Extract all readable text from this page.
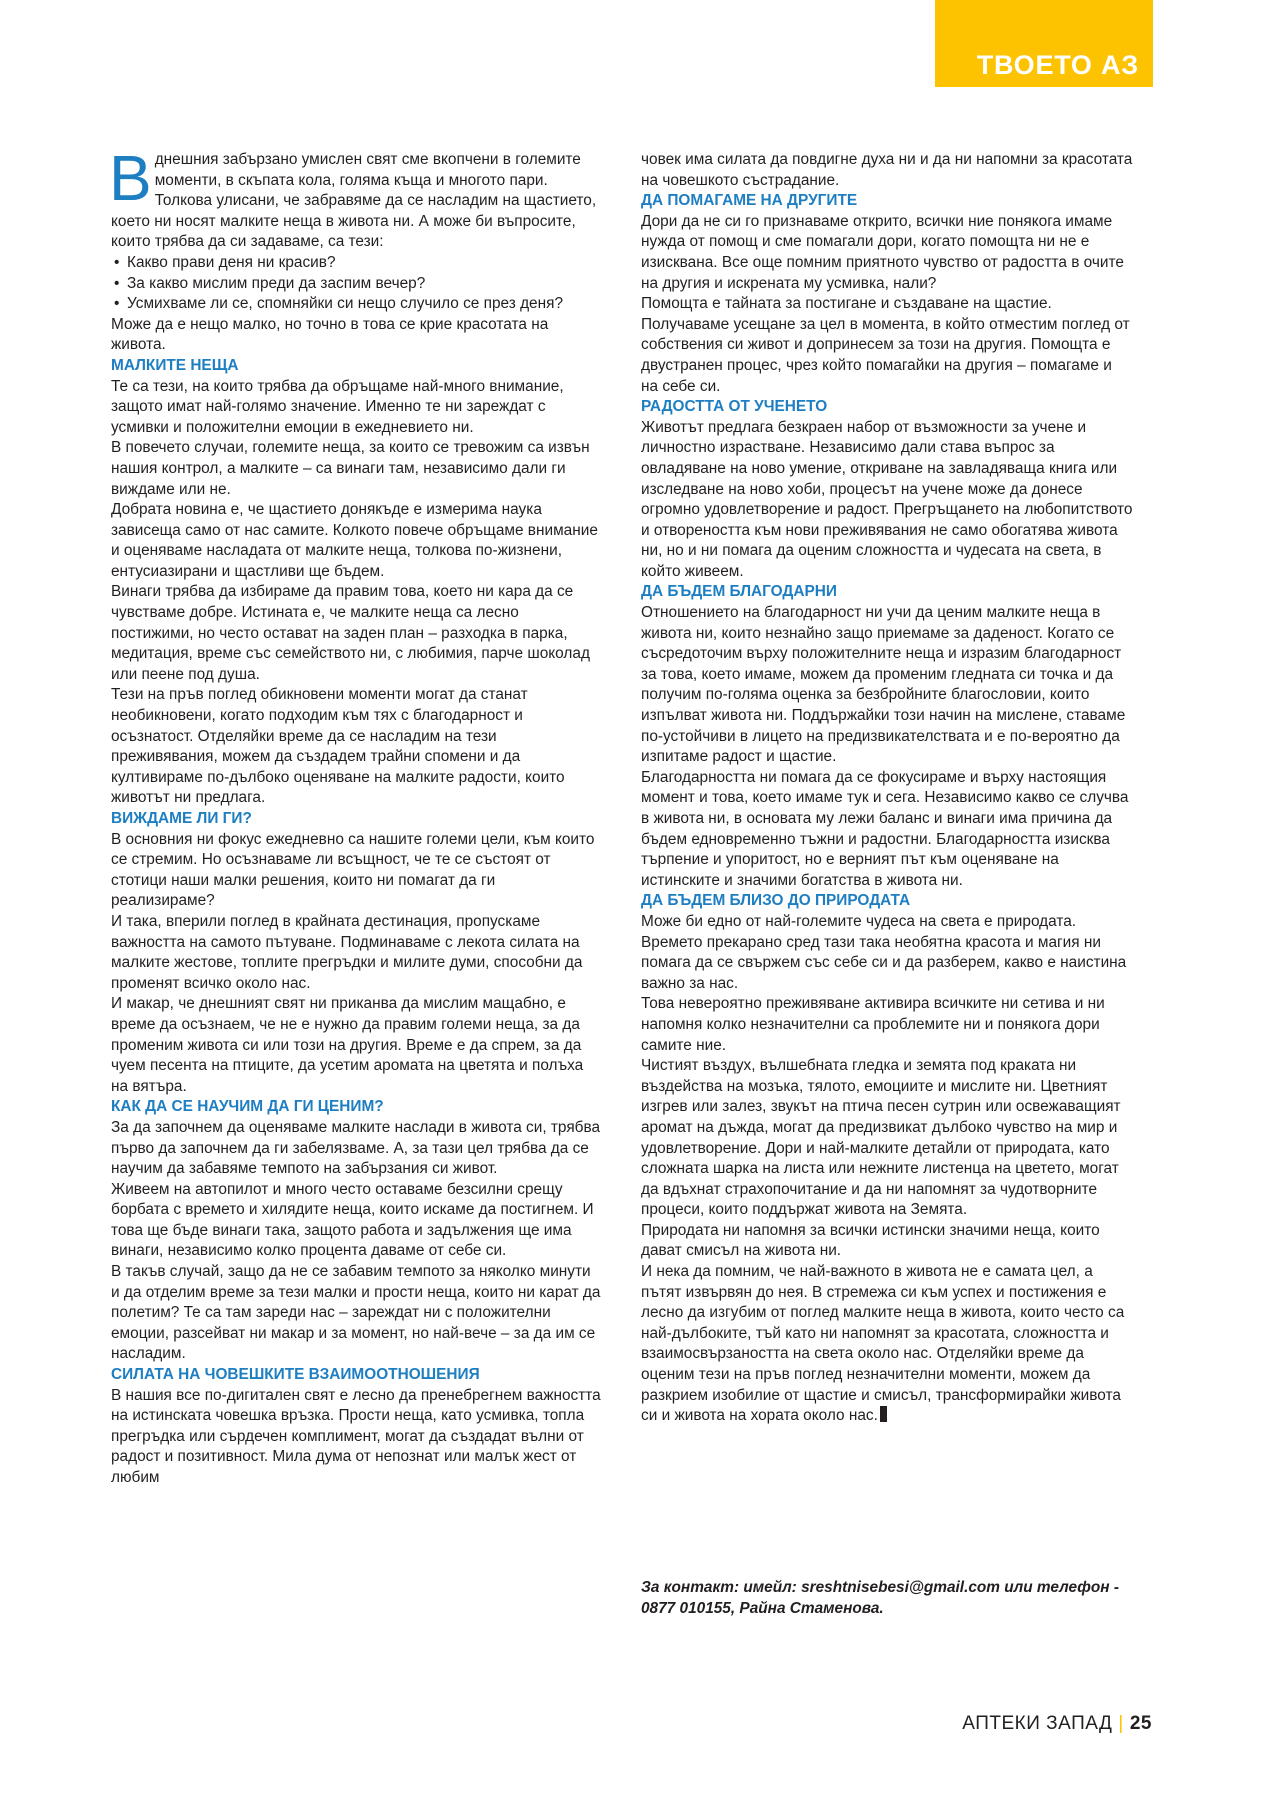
ТВОЕТО АЗ

Вднешния забързано умислен свят сме вкопчени в големите моменти, в скъпата кола, голяма къща и многото пари. Толкова улисани, че забравяме да се насладим на щастието, което ни носят малките неща в живота ни. А може би въпросите, които трябва да си задаваме, са тези:

• Какво прави деня ни красив?
• За какво мислим преди да заспим вечер?
• Усмихваме ли се, спомняйки си нещо случило се през деня?

Може да е нещо малко, но точно в това се крие красотата на живота.

МАЛКИТЕ НЕЩА

Те са тези, на които трябва да обръщаме най-много внимание, защото имат най-голямо значение. Именно те ни зареждат с усмивки и положителни емоции в ежедневието ни.

В повечето случаи, големите неща, за които се тревожим са извън нашия контрол, а малките – са винаги там, независимо дали ги виждаме или не.

Добрата новина е, че щастието донякъде е измерима наука зависеща само от нас самите. Колкото повече обръщаме внимание и оценяваме насладата от малките неща, толкова по-жизнени, ентусиазирани и щастливи ще бъдем.

Винаги трябва да избираме да правим това, което ни кара да се чувстваме добре. Истината е, че малките неща са лесно постижими, но често остават на заден план – разходка в парка, медитация, време със семейството ни, с любимия, парче шоколад или пеене под душа.

Тези на пръв поглед обикновени моменти могат да станат необикновени, когато подходим към тях с благодарност и осъзнатост. Отделяйки време да се насладим на тези преживявания, можем да създадем трайни спомени и да култивираме по-дълбоко оценяване на малките радости, които животът ни предлага.

ВИЖДАМЕ ЛИ ГИ?

В основния ни фокус ежедневно са нашите големи цели, към които се стремим. Но осъзнаваме ли всъщност, че те се състоят от стотици наши малки решения, които ни помагат да ги реализираме?

И така, вперили поглед в крайната дестинация, пропускаме важността на самото пътуване. Подминаваме с лекота силата на малките жестове, топлите прегръдки и милите думи, способни да променят всичко около нас.

И макар, че днешният свят ни приканва да мислим мащабно, е време да осъзнаем, че не е нужно да правим големи неща, за да променим живота си или този на другия. Време е да спрем, за да чуем песента на птиците, да усетим аромата на цветята и полъха на вятъра.

КАК ДА СЕ НАУЧИМ ДА ГИ ЦЕНИМ?

За да започнем да оценяваме малките наслади в живота си, трябва първо да започнем да ги забелязваме. А, за тази цел трябва да се научим да забавяме темпото на забързания си живот.

Живеем на автопилот и много често оставаме безсилни срещу борбата с времето и хилядите неща, които искаме да постигнем. И това ще бъде винаги така, защото работа и задължения ще има винаги, независимо колко процента даваме от себе си.

В такъв случай, защо да не се забавим темпото за няколко минути и да отделим време за тези малки и прости неща, които ни карат да полетим? Те са там зареди нас – зареждат ни с положителни емоции, разсейват ни макар и за момент, но най-вече – за да им се насладим.

СИЛАТА НА ЧОВЕШКИТЕ ВЗАИМООТНОШЕНИЯ

В нашия все по-дигитален свят е лесно да пренебрегнем важността на истинската човешка връзка. Прости неща, като усмивка, топла прегръдка или сърдечен комплимент, могат да създадат вълни от радост и позитивност. Мила дума от непознат или малък жест от любим

човек има силата да повдигне духа ни и да ни напомни за красотата на човешкото състрадание.

ДА ПОМАГАМЕ НА ДРУГИТЕ

Дори да не си го признаваме открито, всички ние понякога имаме нужда от помощ и сме помагали дори, когато помощта ни не е изисквана. Все още помним приятното чувство от радостта в очите на другия и искрената му усмивка, нали?

Помощта е тайната за постигане и създаване на щастие. Получаваме усещане за цел в момента, в който отместим поглед от собствения си живот и допринесем за този на другия. Помощта е двустранен процес, чрез който помагайки на другия – помагаме и на себе си.

РАДОСТТА ОТ УЧЕНЕТО

Животът предлага безкраен набор от възможности за учене и личностно израстване. Независимо дали става въпрос за овладяване на ново умение, откриване на завладяваща книга или изследване на ново хоби, процесът на учене може да донесе огромно удовлетворение и радост. Прегръщането на любопитството и отвореността към нови преживявания не само обогатява живота ни, но и ни помага да оценим сложността и чудесата на света, в който живеем.

ДА БЪДЕМ БЛАГОДАРНИ

Отношението на благодарност ни учи да ценим малките неща в живота ни, които незнайно защо приемаме за даденост. Когато се съсредоточим върху положителните неща и изразим благодарност за това, което имаме, можем да променим гледната си точка и да получим по-голяма оценка за безбройните благословии, които изпълват живота ни. Поддържайки този начин на мислене, ставаме по-устойчиви в лицето на предизвикателствата и е по-вероятно да изпитаме радост и щастие.

Благодарността ни помага да се фокусираме и върху настоящия момент и това, което имаме тук и сега. Независимо какво се случва в живота ни, в основата му лежи баланс и винаги има причина да бъдем едновременно тъжни и радостни. Благодарността изисква търпение и упоритост, но е верният път към оценяване на истинските и значими богатства в живота ни.

ДА БЪДЕМ БЛИЗО ДО ПРИРОДАТА

Може би едно от най-големите чудеса на света е природата. Времето прекарано сред тази така необятна красота и магия ни помага да се свържем със себе си и да разберем, какво е наистина важно за нас.

Това невероятно преживяване активира всичките ни сетива и ни напомня колко незначителни са проблемите ни и понякога дори самите ние.

Чистият въздух, вълшебната гледка и земята под краката ни въздейства на мозъка, тялото, емоциите и мислите ни. Цветният изгрев или залез, звукът на птича песен сутрин или освежаващият аромат на дъжда, могат да предизвикат дълбоко чувство на мир и удовлетворение. Дори и най-малките детайли от природата, като сложната шарка на листа или нежните листенца на цветето, могат да вдъхнат страхопочитание и да ни напомнят за чудотворните процеси, които поддържат живота на Земята.

Природата ни напомня за всички истински значими неща, които дават смисъл на живота ни.

И нека да помним, че най-важното в живота не е самата цел, а пътят извървян до нея. В стремежа си към успех и постижения е лесно да изгубим от поглед малките неща в живота, които често са най-дълбоките, тъй като ни напомнят за красотата, сложността и взаимосвързаността на света около нас. Отделяйки време да оценим тези на пръв поглед незначителни моменти, можем да разкрием изобилие от щастие и смисъл, трансформирайки живота си и живота на хората около нас.

За контакт: имейл: sreshtnisebesi@gmail.com или телефон - 0877 010155, Райна Стаменова.
АПТЕКИ ЗАПАД | 25
